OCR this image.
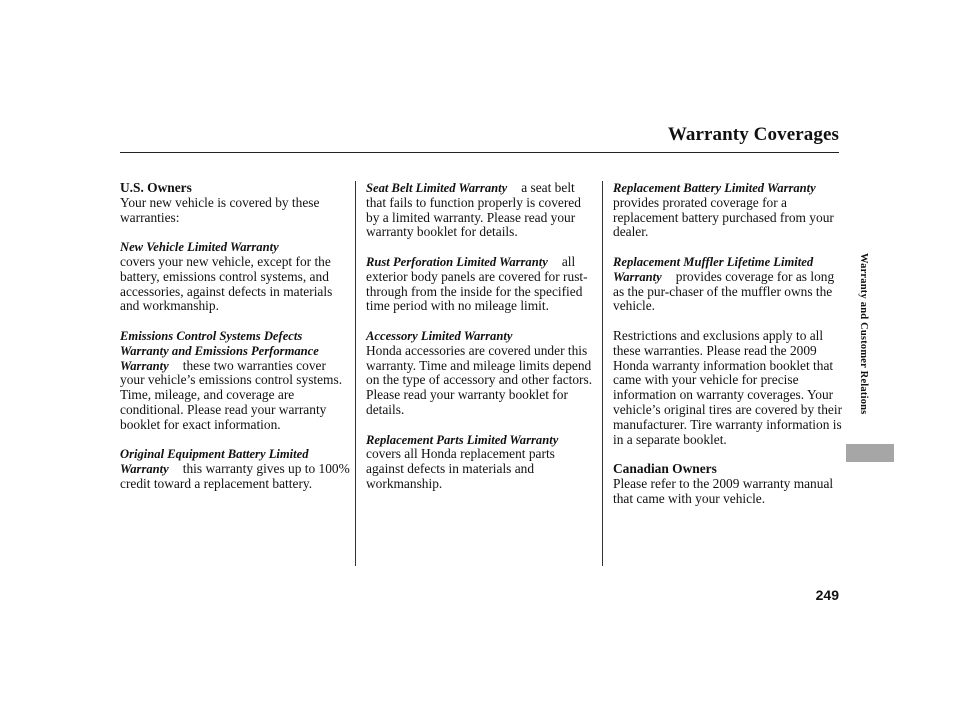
Warranty Coverages

U.S. Owners
Your new vehicle is covered by these warranties:

New Vehicle Limited Warranty
covers your new vehicle, except for the battery, emissions control systems, and accessories, against defects in materials and workmanship.

Emissions Control Systems Defects Warranty and Emissions Performance Warranty these two warranties cover your vehicle’s emissions control systems. Time, mileage, and coverage are conditional. Please read your warranty booklet for exact information.

Original Equipment Battery Limited Warranty this warranty gives up to 100% credit toward a replacement battery.

Seat Belt Limited Warranty a seat belt that fails to function properly is covered by a limited warranty. Please read your warranty booklet for details.

Rust Perforation Limited Warranty all exterior body panels are covered for rust-through from the inside for the specified time period with no mileage limit.

Accessory Limited Warranty
Honda accessories are covered under this warranty. Time and mileage limits depend on the type of accessory and other factors. Please read your warranty booklet for details.

Replacement Parts Limited Warrantycovers all Honda replacement parts against defects in materials and workmanship.

Replacement Battery Limited Warrantyprovides prorated coverage for a replacement battery purchased from your dealer.

Replacement Muffler Lifetime Limited Warranty provides coverage for as long as the pur-chaser of the muffler owns the vehicle.

Restrictions and exclusions apply to all these warranties. Please read the 2009 Honda warranty information booklet that came with your vehicle for precise information on warranty coverages. Your vehicle’s original tires are covered by their manufacturer. Tire warranty information is in a separate booklet.

Canadian Owners
Please refer to the 2009 warranty manual that came with your vehicle.

Warranty and Customer Relations
249
